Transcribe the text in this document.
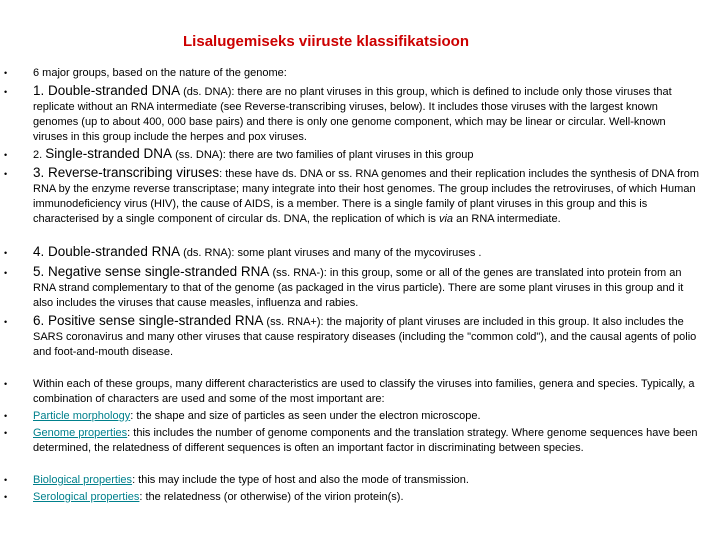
Lisalugemiseks viiruste klassifikatsioon
•	6 major groups, based on the nature of the genome:
•	1. Double-stranded DNA (ds. DNA): there are no plant viruses in this group, which is defined to include only those viruses that replicate without an RNA intermediate (see Reverse-transcribing viruses, below). It includes those viruses with the largest known genomes (up to about 400, 000 base pairs) and there is only one genome component, which may be linear or circular. Well-known viruses in this group include the herpes and pox viruses.
•	2. Single-stranded DNA (ss. DNA): there are two families of plant viruses in this group
•	3. Reverse-transcribing viruses: these have ds. DNA or ss. RNA genomes and their replication includes the synthesis of DNA from RNA by the enzyme reverse transcriptase; many integrate into their host genomes. The group includes the retroviruses, of which Human immunodeficiency virus (HIV), the cause of AIDS, is a member. There is a single family of plant viruses in this group and this is characterised by a single component of circular ds. DNA, the replication of which is via an RNA intermediate.
•	4. Double-stranded RNA (ds. RNA): some plant viruses and many of the mycoviruses .
•	5. Negative sense single-stranded RNA (ss. RNA-): in this group, some or all of the genes are translated into protein from an RNA strand complementary to that of the genome (as packaged in the virus particle). There are some plant viruses in this group and it also includes the viruses that cause measles, influenza and rabies.
•	6. Positive sense single-stranded RNA (ss. RNA+): the majority of plant viruses are included in this group. It also includes the SARS coronavirus and many other viruses that cause respiratory diseases (including the "common cold"), and the causal agents of polio and foot-and-mouth disease.
•	Within each of these groups, many different characteristics are used to classify the viruses into families, genera and species. Typically, a combination of characters are used and some of the most important are:
•	Particle morphology: the shape and size of particles as seen under the electron microscope.
•	Genome properties: this includes the number of genome components and the translation strategy. Where genome sequences have been determined, the relatedness of different sequences is often an important factor in discriminating between species.
•	Biological properties: this may include the type of host and also the mode of transmission.
•	Serological properties: the relatedness (or otherwise) of the virion protein(s).
